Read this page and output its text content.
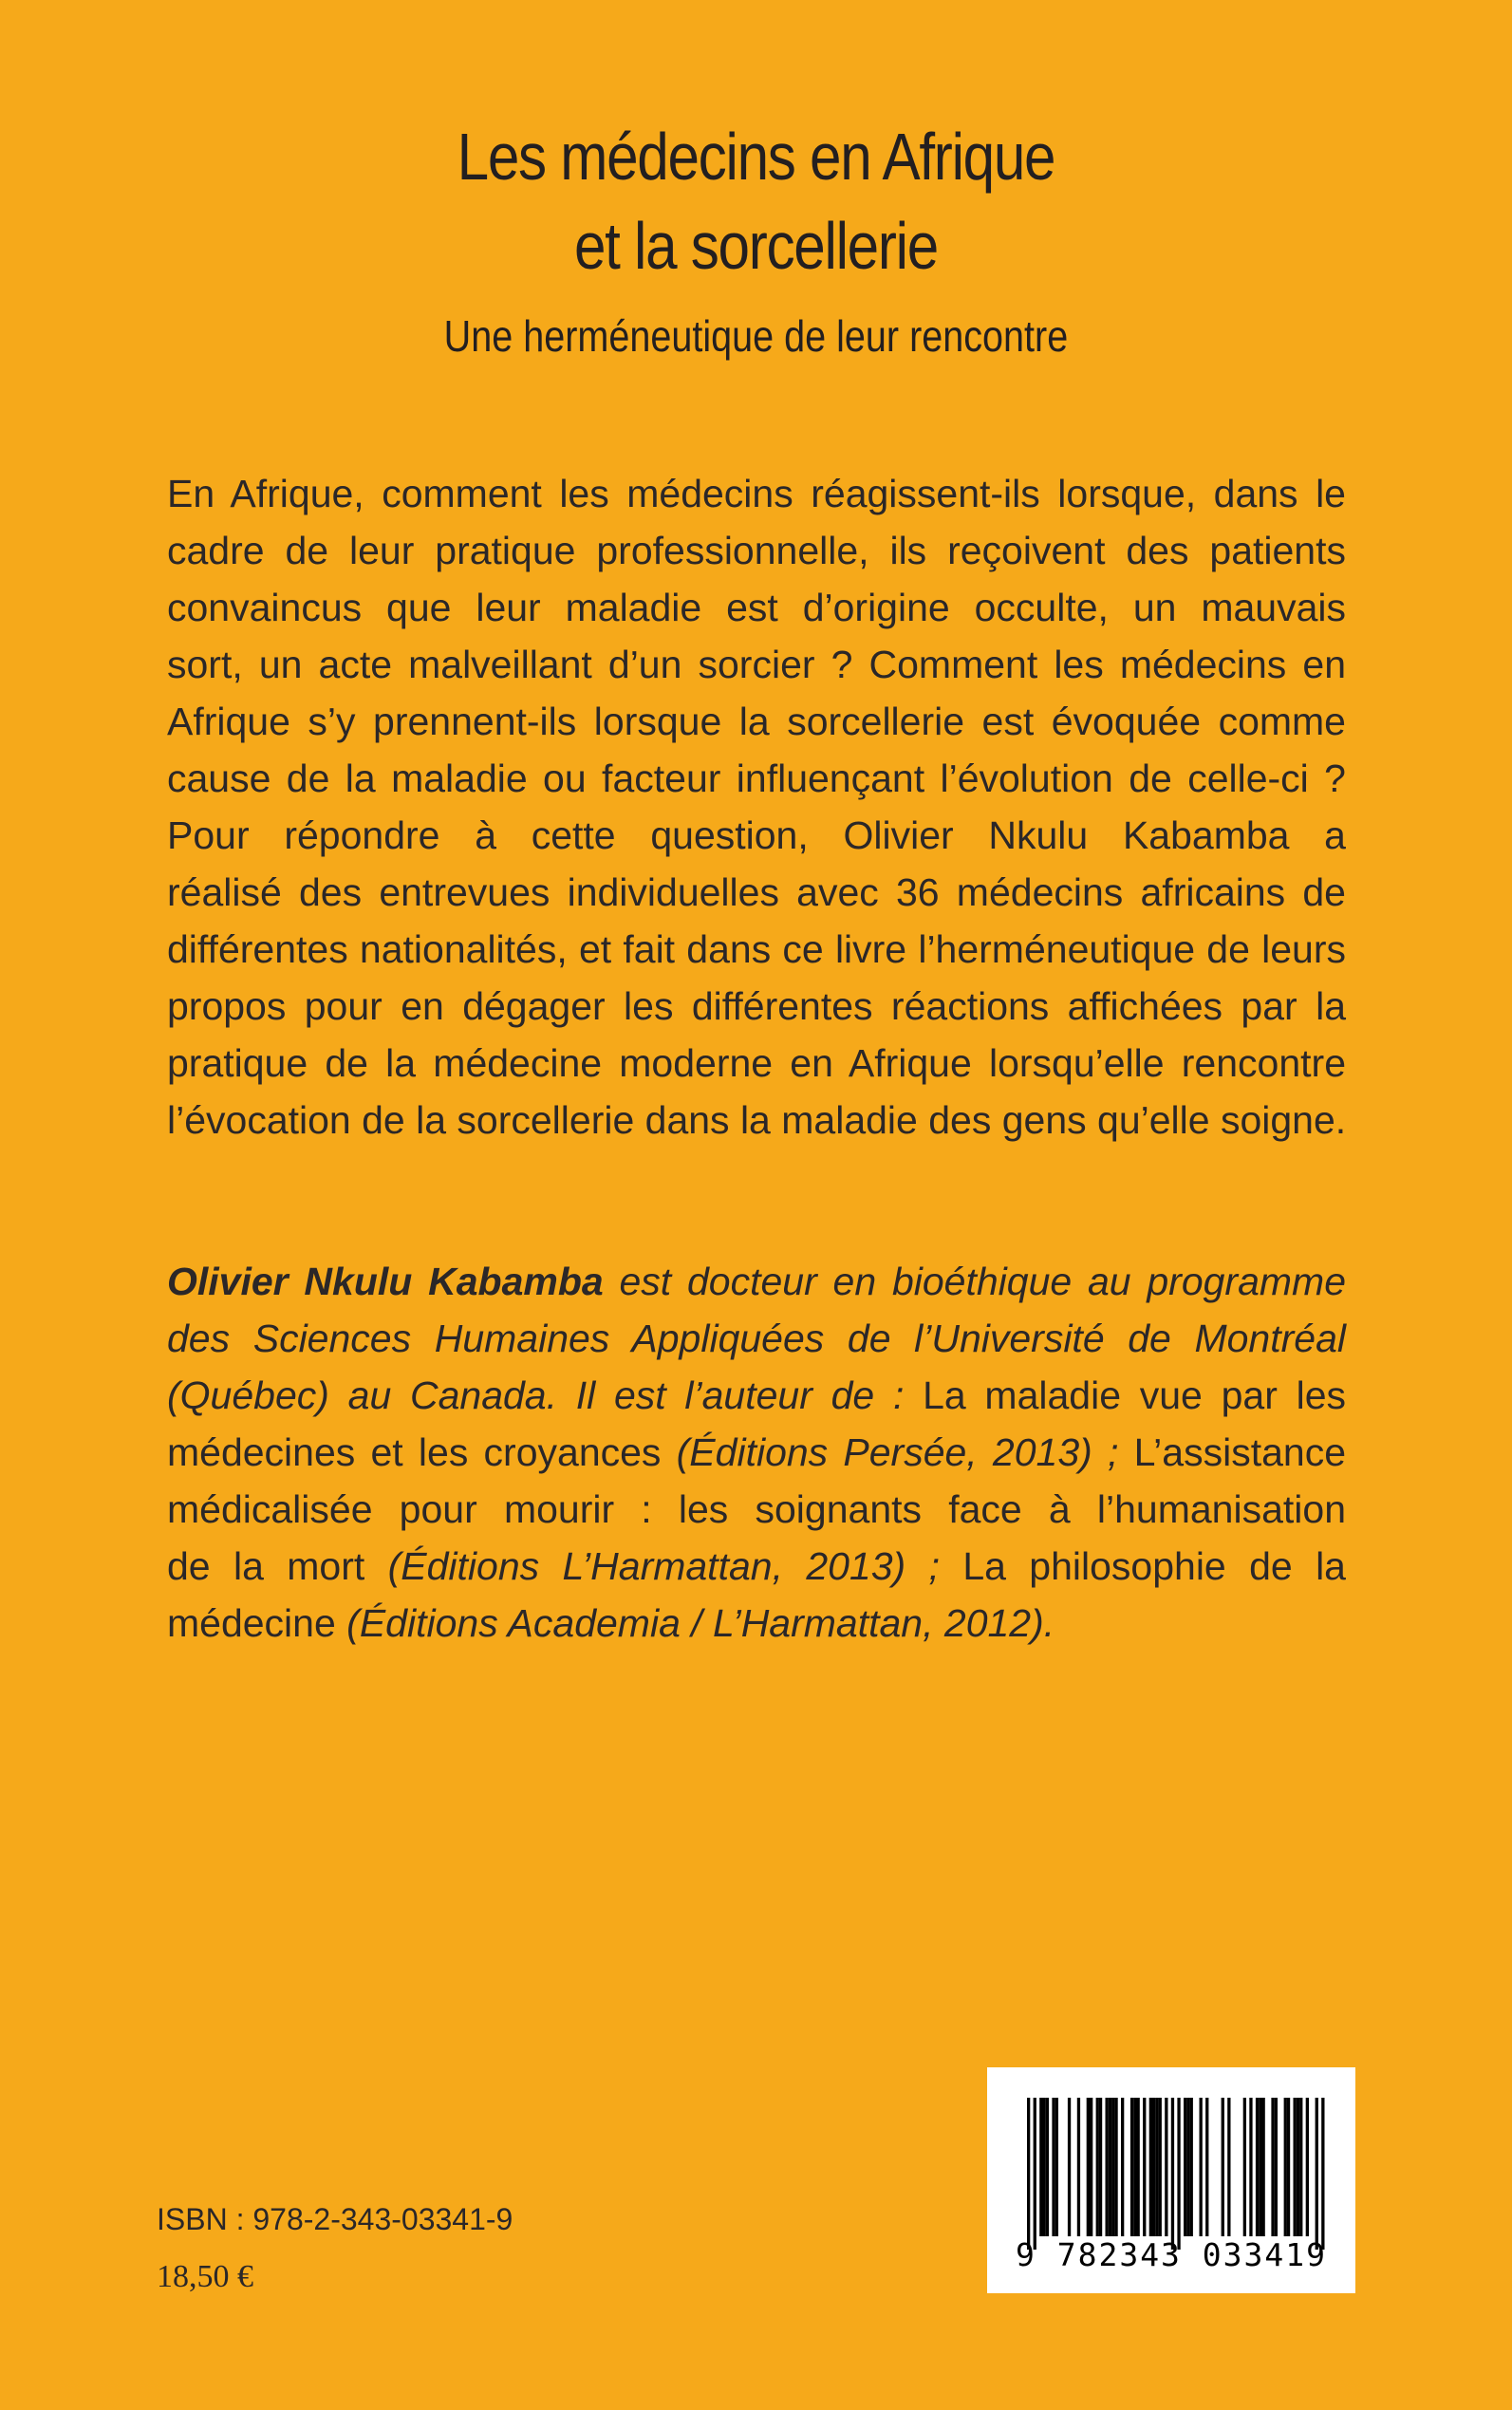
Les médecins en Afrique
et la sorcellerie
Une herméneutique de leur rencontre
En Afrique, comment les médecins réagissent-ils lorsque, dans le
cadre de leur pratique professionnelle, ils reçoivent des patients
convaincus que leur maladie est d’origine occulte, un mauvais
sort, un acte malveillant d’un sorcier ? Comment les médecins en
Afrique s’y prennent-ils lorsque la sorcellerie est évoquée comme
cause de la maladie ou facteur influençant l’évolution de celle-ci ?
Pour répondre à cette question, Olivier Nkulu Kabamba a
réalisé des entrevues individuelles avec 36 médecins africains de
différentes nationalités, et fait dans ce livre l’herméneutique de leurs
propos pour en dégager les différentes réactions affichées par la
pratique de la médecine moderne en Afrique lorsqu’elle rencontre
l’évocation de la sorcellerie dans la maladie des gens qu’elle soigne.
Olivier Nkulu Kabamba est docteur en bioéthique au programme
des Sciences Humaines Appliquées de l’Université de Montréal
(Québec) au Canada. Il est l’auteur de : La maladie vue par les
médecines et les croyances (Éditions Persée, 2013) ; L’assistance
médicalisée pour mourir : les soignants face à l’humanisation
de la mort (Éditions L’Harmattan, 2013) ; La philosophie de la
médecine (Éditions Academia / L’Harmattan, 2012).
ISBN : 978-2-343-03341-9
18,50 €
9 782343 033419
